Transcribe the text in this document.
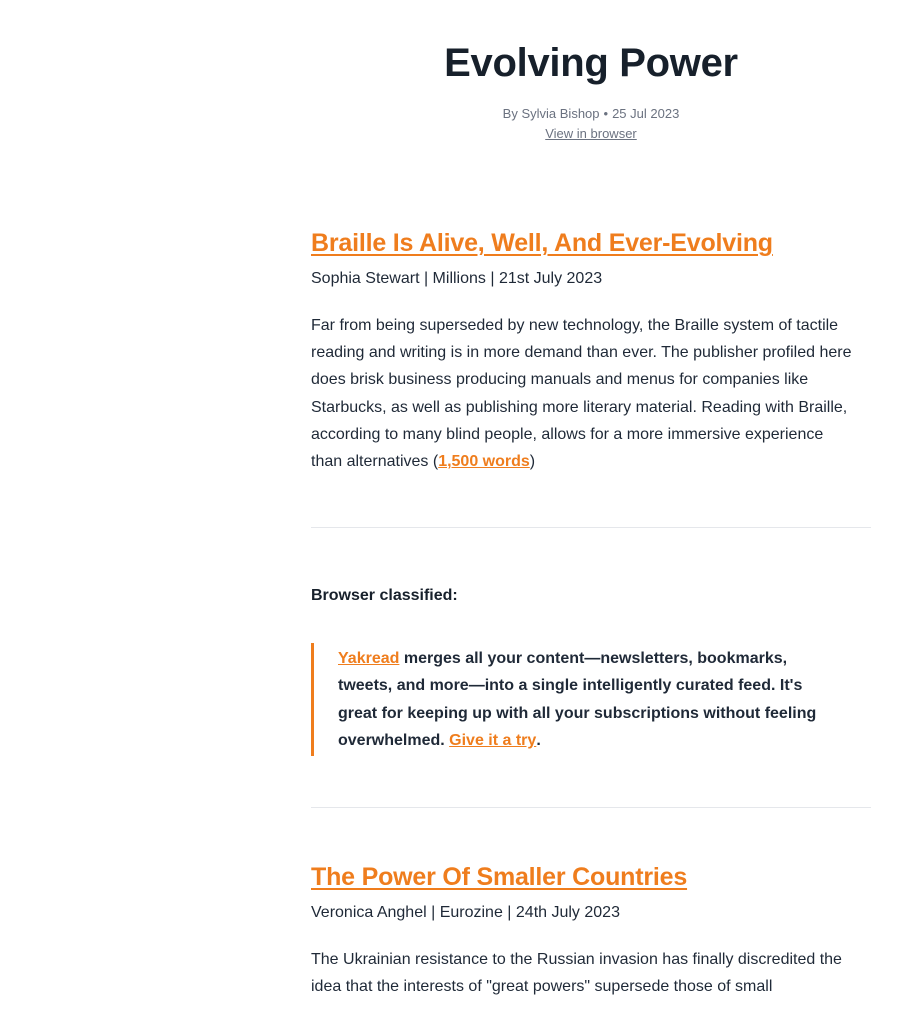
Evolving Power
By Sylvia Bishop • 25 Jul 2023
View in browser
Braille Is Alive, Well, And Ever-Evolving
Sophia Stewart | Millions | 21st July 2023
Far from being superseded by new technology, the Braille system of tactile reading and writing is in more demand than ever. The publisher profiled here does brisk business producing manuals and menus for companies like Starbucks, as well as publishing more literary material. Reading with Braille, according to many blind people, allows for a more immersive experience than alternatives (1,500 words)
Browser classified:
Yakread merges all your content—newsletters, bookmarks, tweets, and more—into a single intelligently curated feed. It's great for keeping up with all your subscriptions without feeling overwhelmed. Give it a try.
The Power Of Smaller Countries
Veronica Anghel | Eurozine | 24th July 2023
The Ukrainian resistance to the Russian invasion has finally discredited the idea that the interests of "great powers" supersede those of small
